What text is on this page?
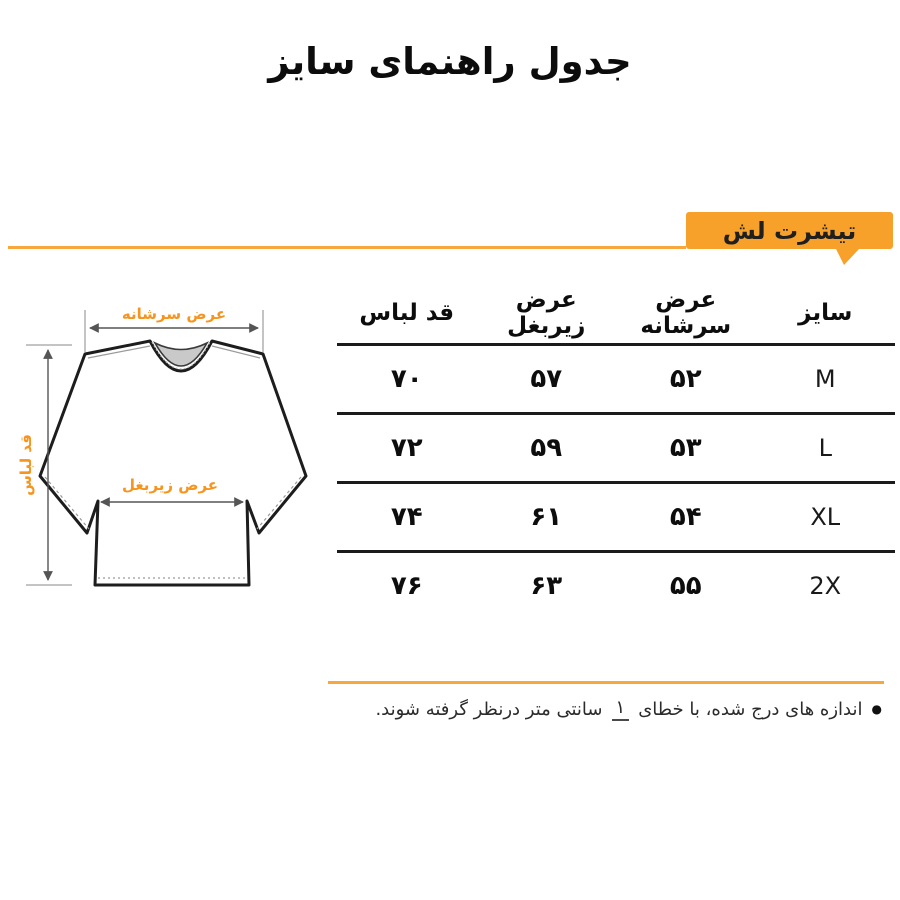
جدول راهنمای سایز
تیشرت لش
عرض سرشانه
عرض زیربغل
قد لباس
سایز
عرض سرشانه
عرض زیربغل
قد لباس
M
۵۲
۵۷
۷۰
L
۵۳
۵۹
۷۲
XL
۵۴
۶۱
۷۴
2X
۵۵
۶۳
۷۶
●
اندازه های درج شده، با خطای
۱
سانتی متر درنظر گرفته شوند.
